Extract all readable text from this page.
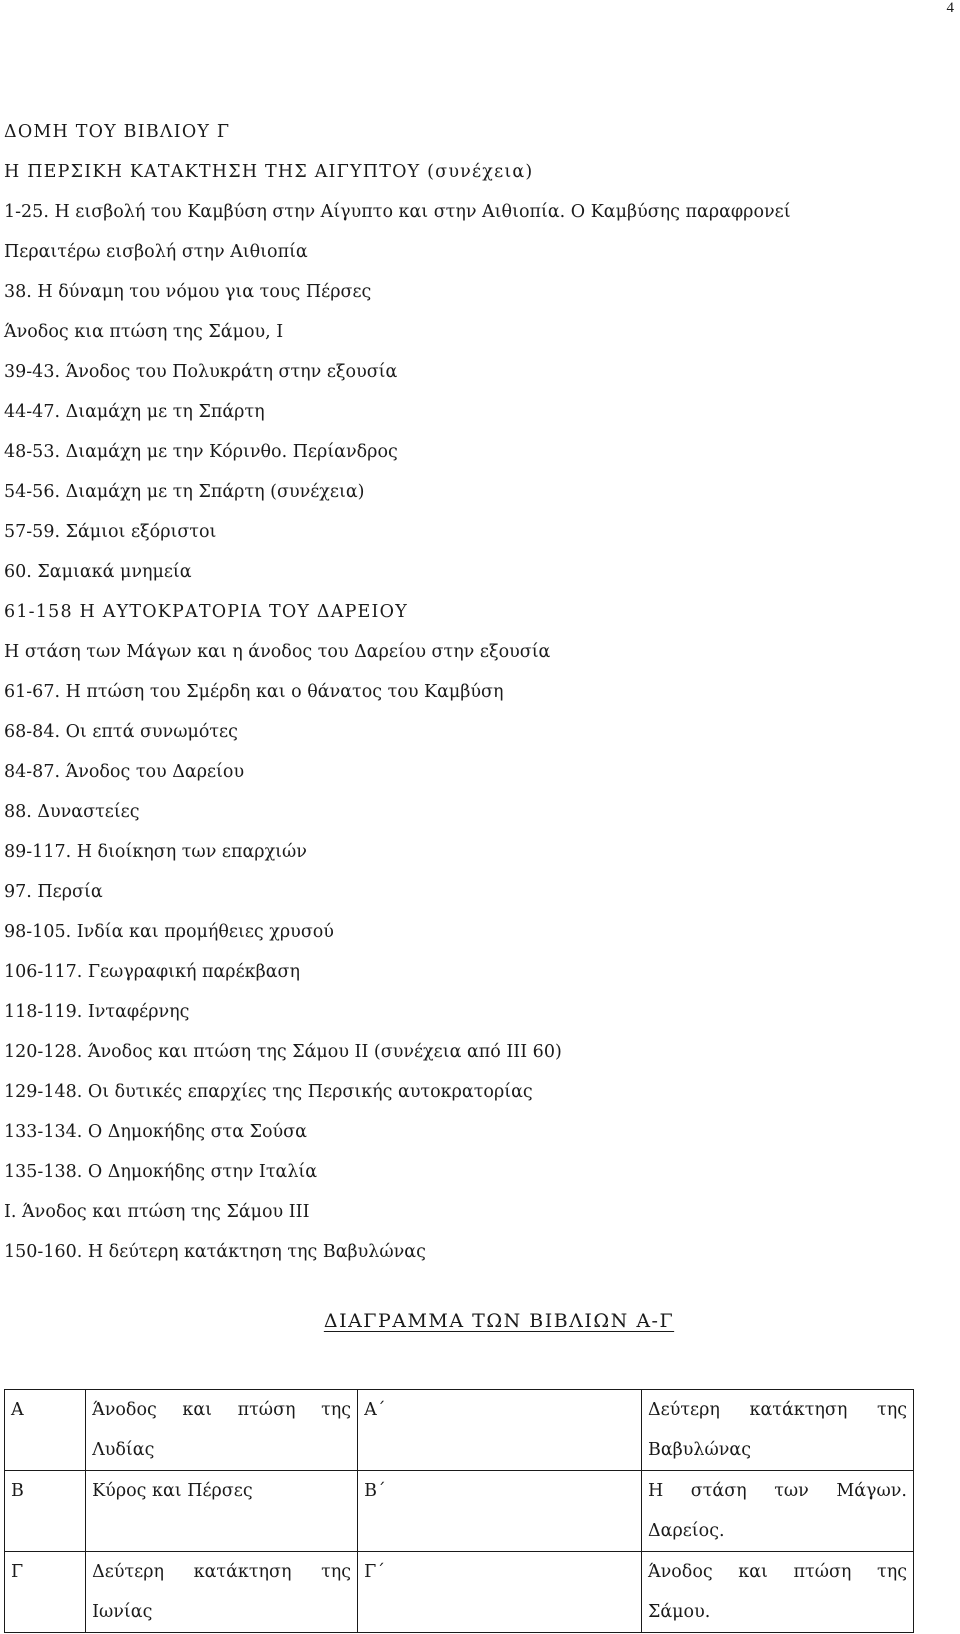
4
ΔΟΜΗ ΤΟΥ ΒΙΒΛΙΟΥ Γ
Η ΠΕΡΣΙΚΗ ΚΑΤΑΚΤΗΣΗ ΤΗΣ ΑΙΓΥΠΤΟΥ (συνέχεια)
1-25. Η εισβολή του Καμβύση στην Αίγυπτο και στην Αιθιοπία. Ο Καμβύσης παραφρονεί
Περαιτέρω εισβολή στην Αιθιοπία
38. Η δύναμη του νόμου για τους Πέρσες
Άνοδος κια πτώση της Σάμου, Ι
39-43. Άνοδος του Πολυκράτη στην εξουσία
44-47. Διαμάχη με τη Σπάρτη
48-53. Διαμάχη με την Κόρινθο. Περίανδρος
54-56. Διαμάχη με τη Σπάρτη (συνέχεια)
57-59. Σάμιοι εξόριστοι
60. Σαμιακά μνημεία
61-158 Η ΑΥΤΟΚΡΑΤΟΡΙΑ ΤΟΥ ΔΑΡΕΙΟΥ
Η στάση των Μάγων και η άνοδος του Δαρείου στην εξουσία
61-67. Η πτώση του Σμέρδη και ο θάνατος του Καμβύση
68-84. Οι επτά συνωμότες
84-87. Άνοδος του Δαρείου
88. Δυναστείες
89-117. Η διοίκηση των επαρχιών
97. Περσία
98-105. Ινδία και προμήθειες χρυσού
106-117. Γεωγραφική παρέκβαση
118-119. Ινταφέρνης
120-128. Άνοδος και πτώση της Σάμου ΙΙ (συνέχεια από ΙΙΙ 60)
129-148. Οι δυτικές επαρχίες της Περσικής αυτοκρατορίας
133-134. Ο Δημοκήδης στα Σούσα
135-138. Ο Δημοκήδης στην Ιταλία
Ι. Άνοδος και πτώση της Σάμου ΙΙΙ
150-160. Η δεύτερη κατάκτηση της Βαβυλώνας
ΔΙΑΓΡΑΜΜΑ ΤΩΝ ΒΙΒΛΙΩΝ Α-Γ
Α	Άνοδος και πτώση της Λυδίας	Α΄	Δεύτερη κατάκτηση της Βαβυλώνας
Β	Κύρος και Πέρσες	Β΄	Η στάση των Μάγων. Δαρείος.
Γ	Δεύτερη κατάκτηση της Ιωνίας	Γ΄	Άνοδος και πτώση της Σάμου.
